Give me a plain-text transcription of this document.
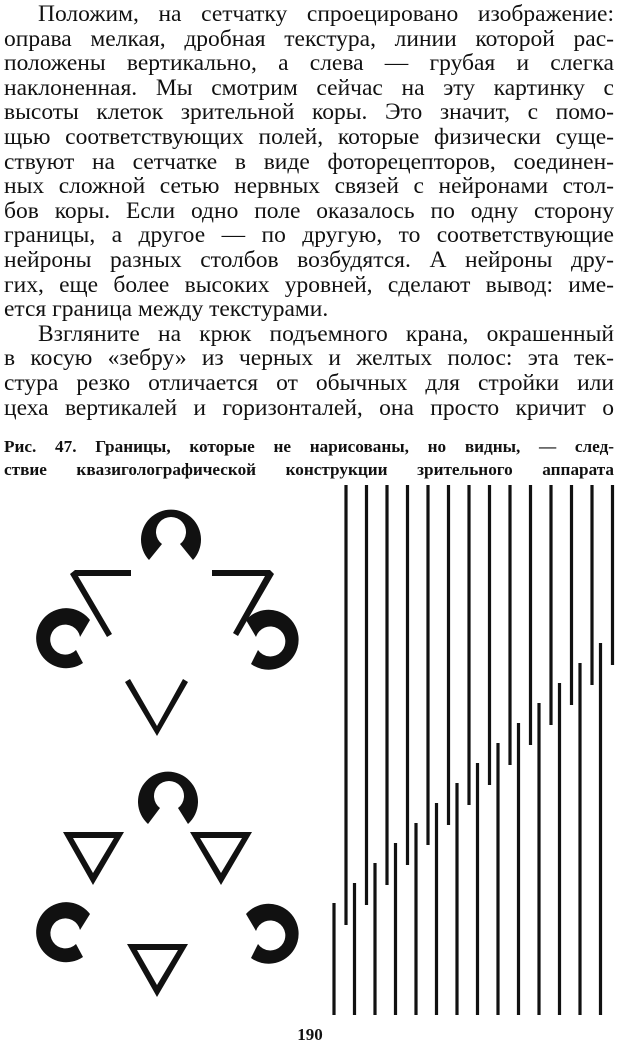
Положим, на сетчатку спроецировано изображение:
оправа мелкая, дробная текстура, линии которой рас-
положены вертикально, а слева — грубая и слегка
наклоненная. Мы смотрим сейчас на эту картинку с
высоты клеток зрительной коры. Это значит, с помо-
щью соответствующих полей, которые физически суще-
ствуют на сетчатке в виде фоторецепторов, соединен-
ных сложной сетью нервных связей с нейронами стол-
бов коры. Если одно поле оказалось по одну сторону
границы, а другое — по другую, то соответствующие
нейроны разных столбов возбудятся. А нейроны дру-
гих, еще более высоких уровней, сделают вывод: име-
ется граница между текстурами.
Взгляните на крюк подъемного крана, окрашенный
в косую «зебру» из черных и желтых полос: эта тек-
стура резко отличается от обычных для стройки или
цеха вертикалей и горизонталей, она просто кричит о
Рис. 47. Границы, которые не нарисованы, но видны, — след-
ствие квазиголографической конструкции зрительного аппарата
190
